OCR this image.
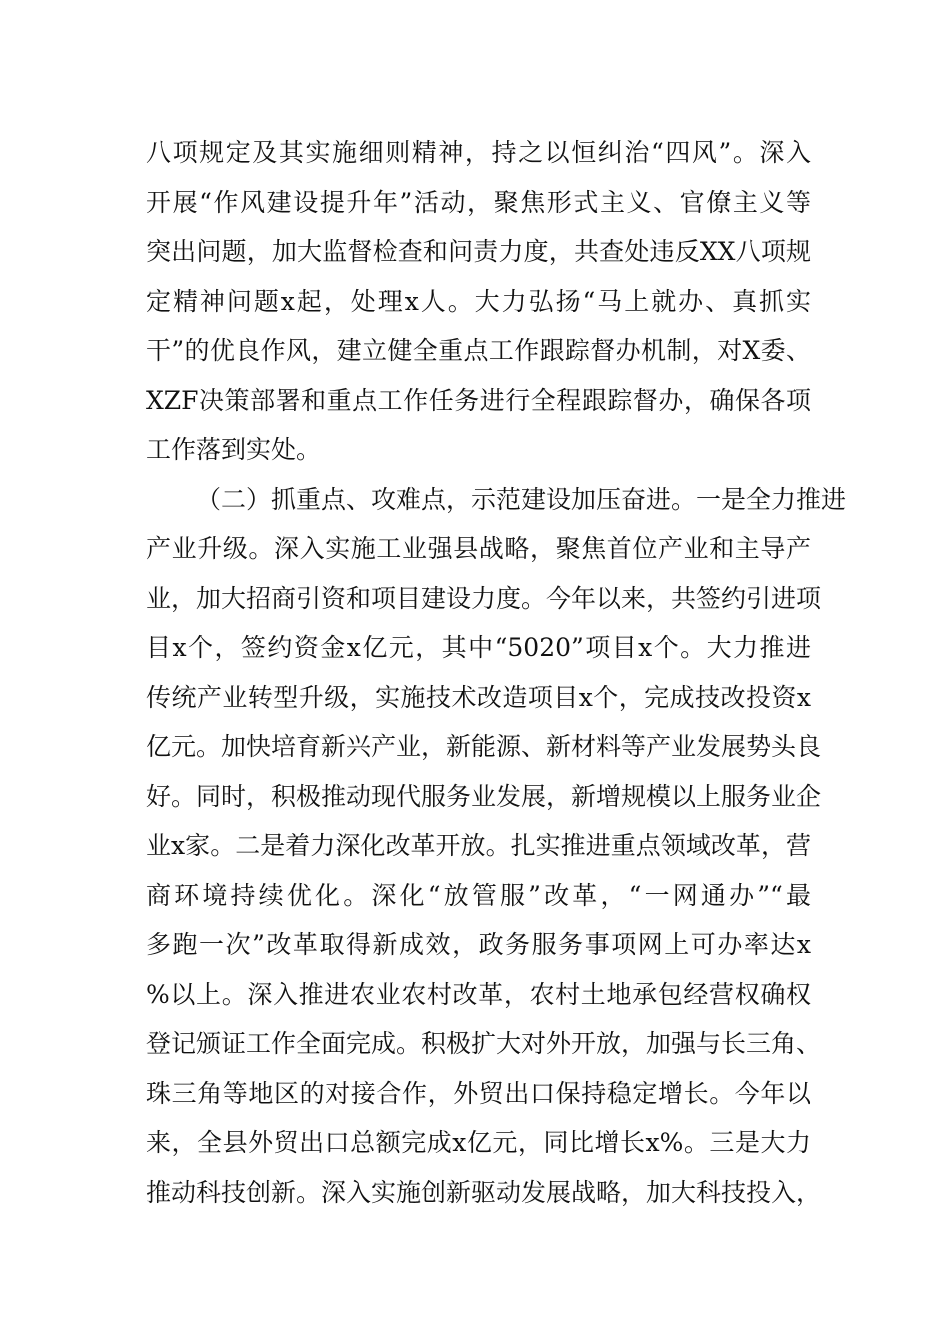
八项规定及其实施细则精神，持之以恒纠治“四风”。深入
开展“作风建设提升年”活动，聚焦形式主义、官僚主义等
突出问题，加大监督检查和问责力度，共查处违反XX八项规
定精神问题x起，处理x人。大力弘扬“马上就办、真抓实
干”的优良作风，建立健全重点工作跟踪督办机制，对X委、
XZF决策部署和重点工作任务进行全程跟踪督办，确保各项
工作落到实处。
（二）抓重点、攻难点，示范建设加压奋进。一是全力推进
产业升级。深入实施工业强县战略，聚焦首位产业和主导产
业，加大招商引资和项目建设力度。今年以来，共签约引进项
目x个，签约资金x亿元，其中“5020”项目x个。大力推进
传统产业转型升级，实施技术改造项目x个，完成技改投资x
亿元。加快培育新兴产业，新能源、新材料等产业发展势头良
好。同时，积极推动现代服务业发展，新增规模以上服务业企
业x家。二是着力深化改革开放。扎实推进重点领域改革，营
商环境持续优化。深化“放管服”改革，“一网通办”“最
多跑一次”改革取得新成效，政务服务事项网上可办率达x
%以上。深入推进农业农村改革，农村土地承包经营权确权
登记颁证工作全面完成。积极扩大对外开放，加强与长三角、
珠三角等地区的对接合作，外贸出口保持稳定增长。今年以
来，全县外贸出口总额完成x亿元，同比增长x%。三是大力
推动科技创新。深入实施创新驱动发展战略，加大科技投入，
